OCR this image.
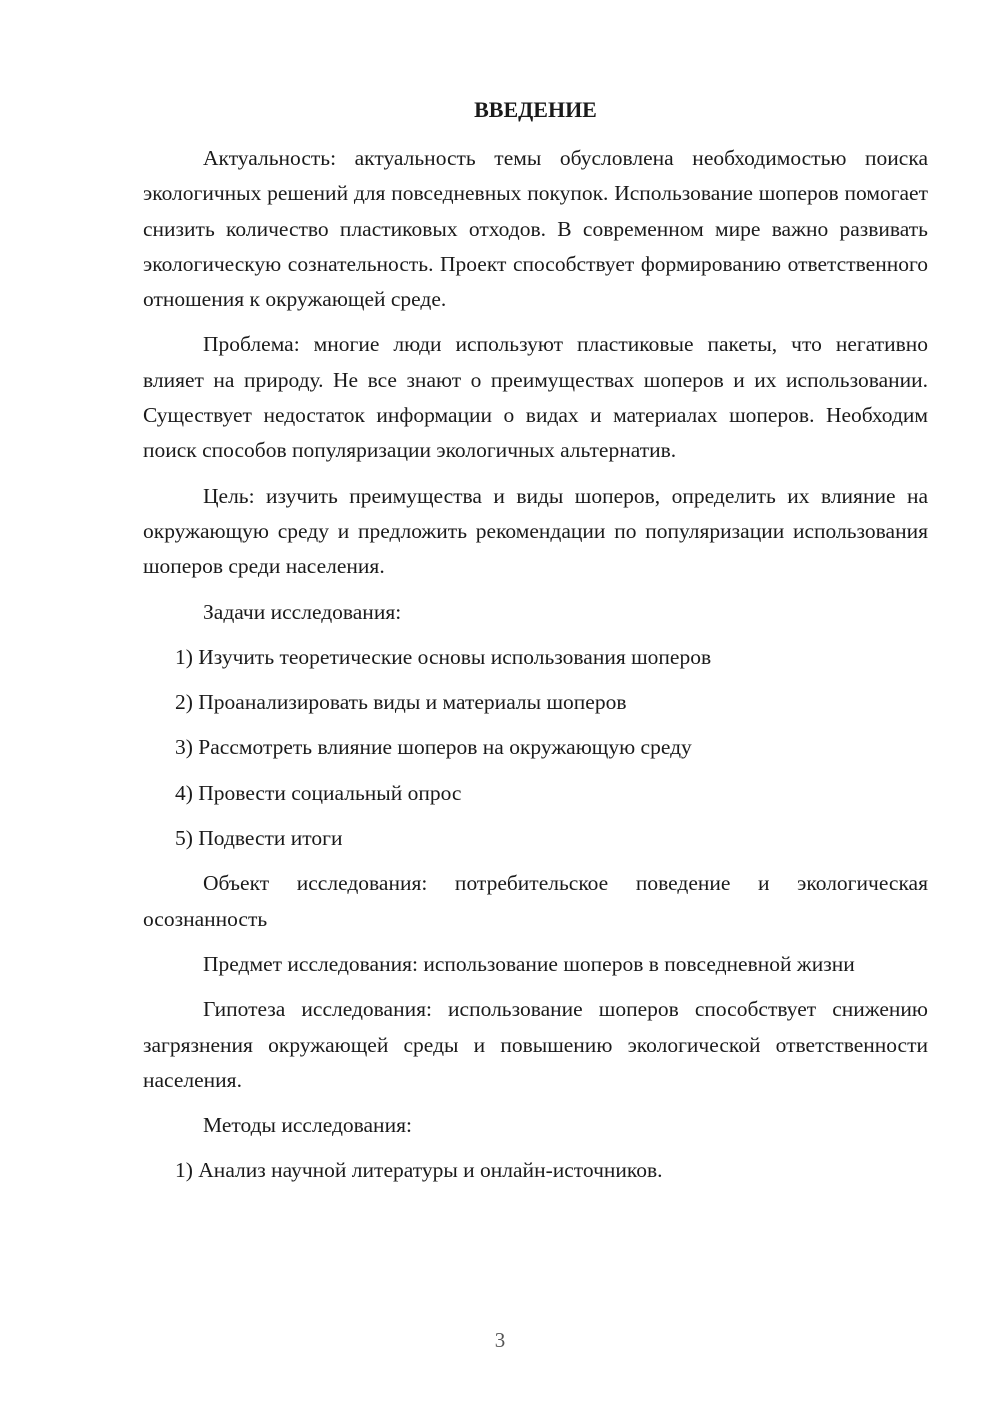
ВВЕДЕНИЕ

Актуальность: актуальность темы обусловлена необходимостью поиска экологичных решений для повседневных покупок. Использование шоперов помогает снизить количество пластиковых отходов. В современном мире важно развивать экологическую сознательность. Проект способствует формированию ответственного отношения к окружающей среде.

Проблема: многие люди используют пластиковые пакеты, что негативно влияет на природу. Не все знают о преимуществах шоперов и их использовании. Существует недостаток информации о видах и материалах шоперов. Необходим поиск способов популяризации экологичных альтернатив.

Цель: изучить преимущества и виды шоперов, определить их влияние на окружающую среду и предложить рекомендации по популяризации использования шоперов среди населения.

Задачи исследования:

1) Изучить теоретические основы использования шоперов
2) Проанализировать виды и материалы шоперов
3) Рассмотреть влияние шоперов на окружающую среду
4) Провести социальный опрос
5) Подвести итоги

Объект исследования: потребительское поведение и экологическая осознанность

Предмет исследования: использование шоперов в повседневной жизни

Гипотеза исследования: использование шоперов способствует снижению загрязнения окружающей среды и повышению экологической ответственности населения.

Методы исследования:

1) Анализ научной литературы и онлайн-источников.
3
